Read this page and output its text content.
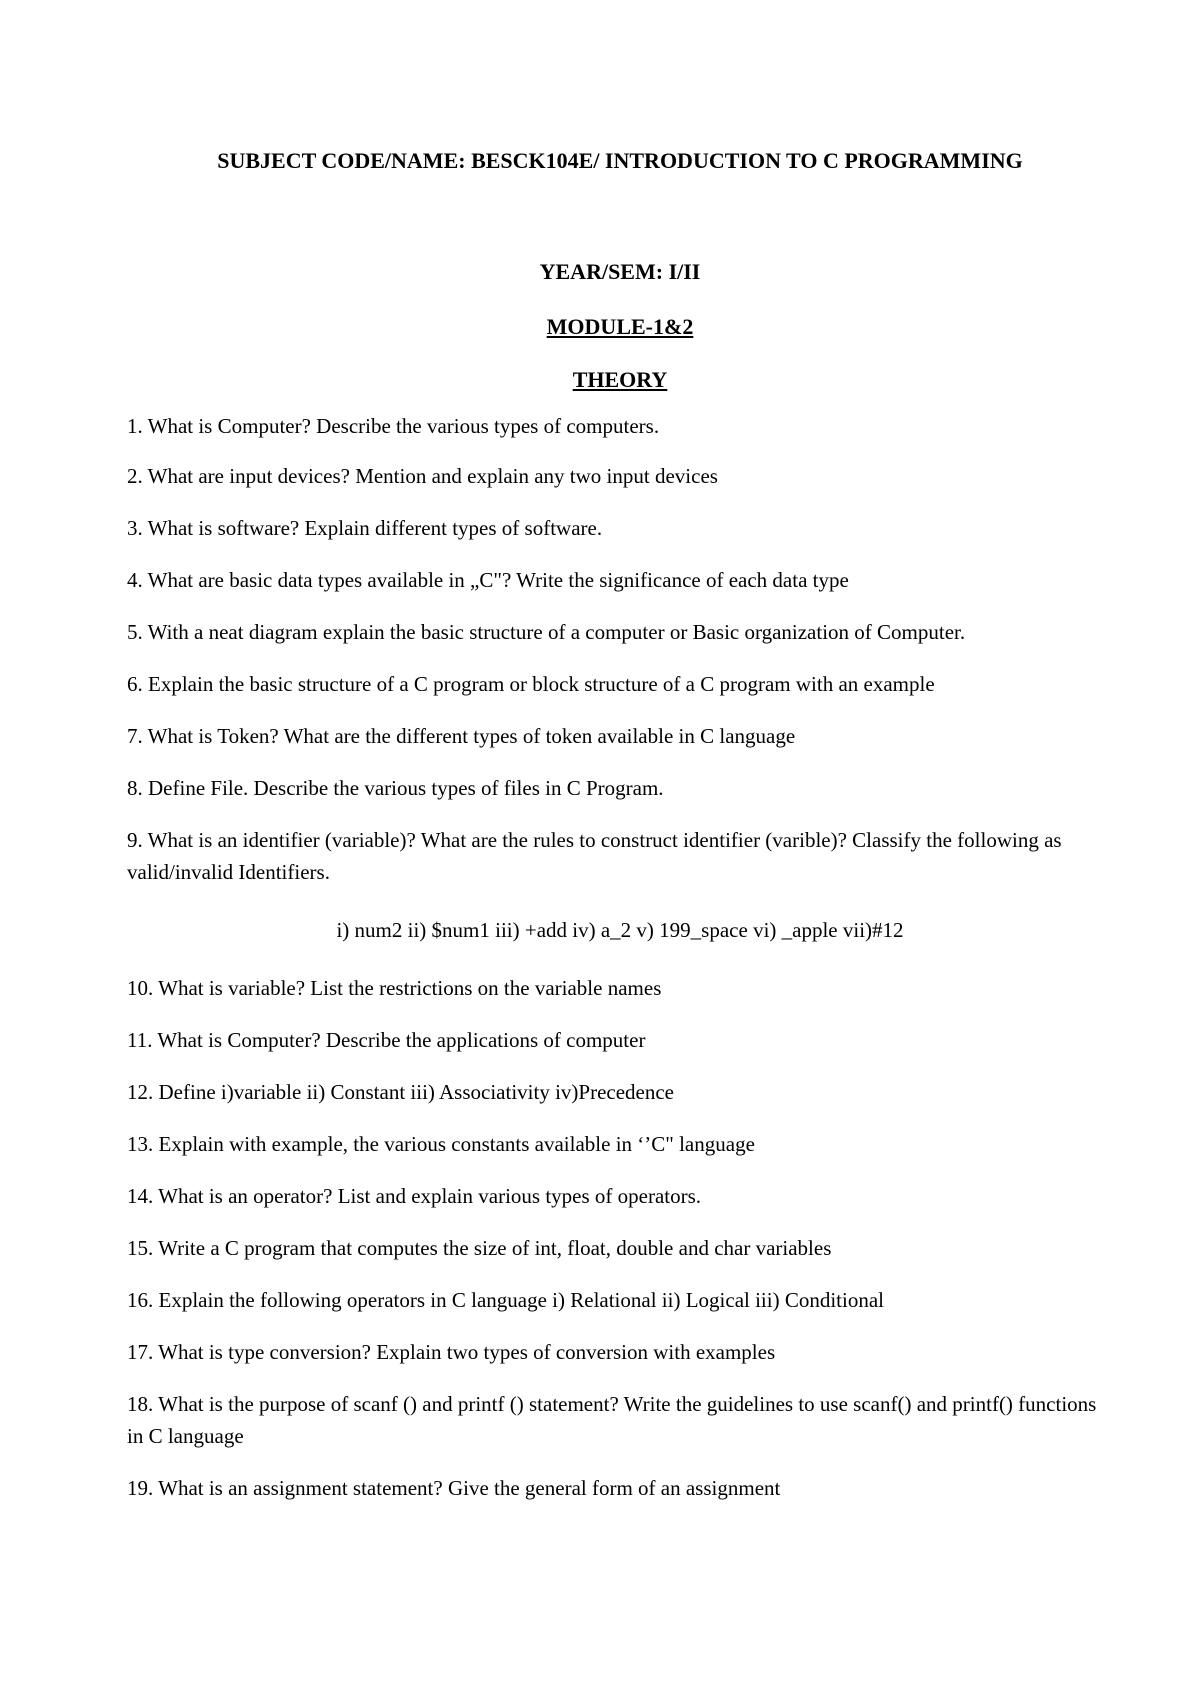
SUBJECT CODE/NAME: BESCK104E/ INTRODUCTION TO C PROGRAMMING
YEAR/SEM: I/II
MODULE-1&2
THEORY
1. What is Computer? Describe the various types of computers.
2. What are input devices? Mention and explain any two input devices
3. What is software? Explain different types of software.
4. What are basic data types available in „C"? Write the significance of each data type
5. With a neat diagram explain the basic structure of a computer or Basic organization of Computer.
6. Explain the basic structure of a C program or block structure of a C program with an example
7. What is Token? What are the different types of token available in C language
8. Define File. Describe the various types of files in C Program.
9. What is an identifier (variable)? What are the rules to construct identifier (varible)? Classify the following as valid/invalid Identifiers.
i) num2 ii) $num1 iii) +add iv) a_2 v) 199_space vi) _apple vii)#12
10. What is variable? List the restrictions on the variable names
11. What is Computer? Describe the applications of computer
12. Define i)variable ii) Constant iii) Associativity iv)Precedence
13. Explain with example, the various constants available in ‘’C" language
14. What is an operator? List and explain various types of operators.
15. Write a C program that computes the size of int, float, double and char variables
16. Explain the following operators in C language i) Relational ii) Logical iii) Conditional
17. What is type conversion? Explain two types of conversion with examples
18. What is the purpose of scanf () and printf () statement? Write the guidelines to use scanf() and printf() functions in C language
19. What is an assignment statement? Give the general form of an assignment
